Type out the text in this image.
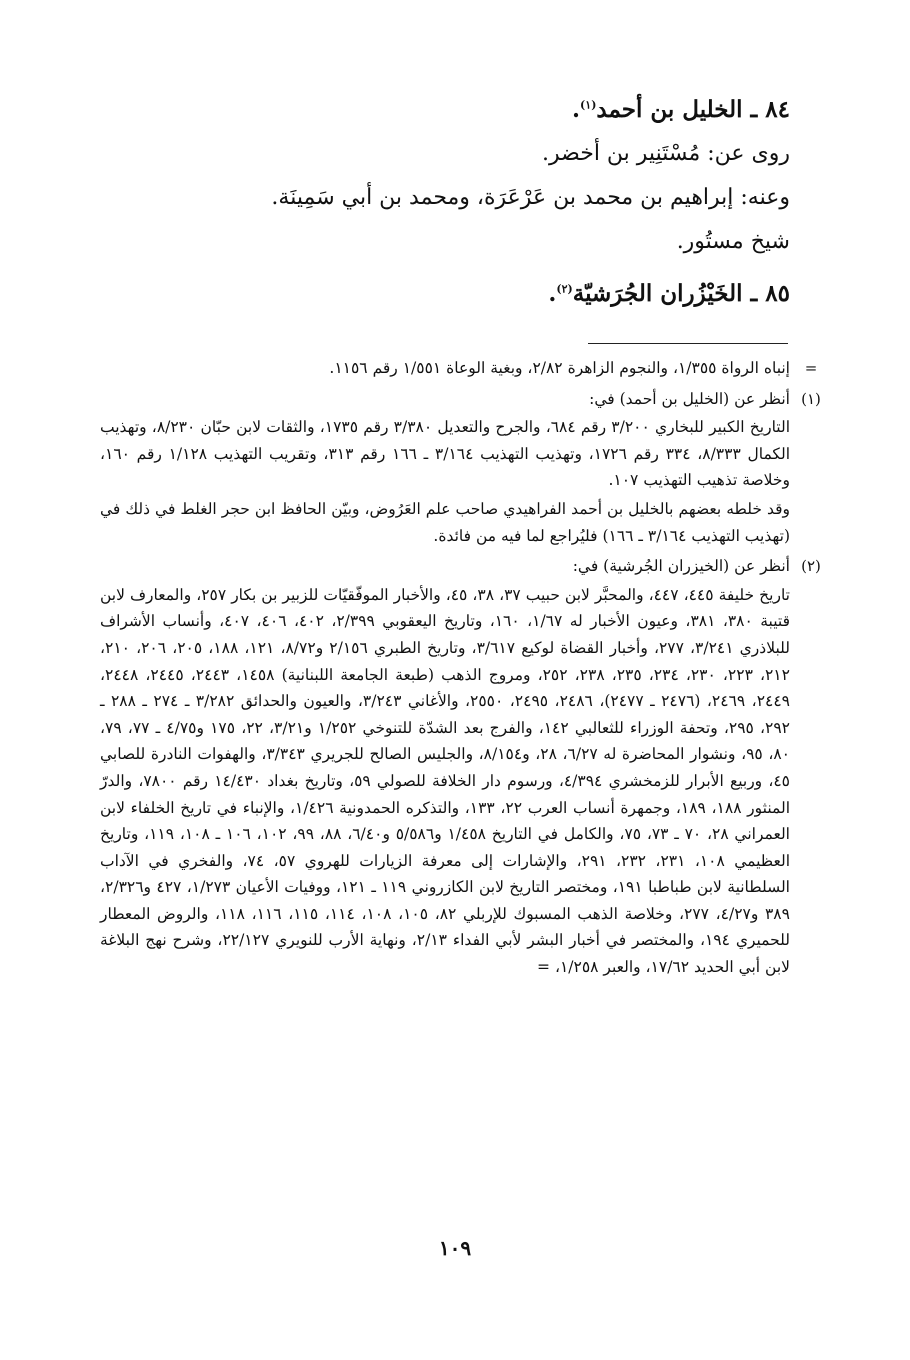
٨٤ ـ الخليل بن أحمد$^{(١)}$.
روى عن: مُسْتَنِير بن أخضر.
وعنه: إبراهيم بن محمد بن عَرْعَرَة، ومحمد بن أبي سَمِينَة.
شيخ مستُور.
٨٥ ـ الخَيْزُران الجُرَشيّة$^{(٢)}$.
=
إنباه الرواة ١/٣٥٥، والنجوم الزاهرة ٢/٨٢، وبغية الوعاة ١/٥٥١ رقم ١١٥٦.
(١)
أنظر عن (الخليل بن أحمد) في:
التاريخ الكبير للبخاري ٣/٢٠٠ رقم ٦٨٤، والجرح والتعديل ٣/٣٨٠ رقم ١٧٣٥، والثقات لابن حبّان ٨/٢٣٠، وتهذيب الكمال ٨/٣٣٣، ٣٣٤ رقم ١٧٢٦، وتهذيب التهذيب ٣/١٦٤ ـ ١٦٦ رقم ٣١٣، وتقريب التهذيب ١/١٢٨ رقم ١٦٠، وخلاصة تذهيب التهذيب ١٠٧.
وقد خلطه بعضهم بالخليل بن أحمد الفراهيدي صاحب علم العَرُوض، وبيّن الحافظ ابن حجر الغلط في ذلك في (تهذيب التهذيب ٣/١٦٤ ـ ١٦٦) فليُراجع لما فيه من فائدة.
(٢)
أنظر عن (الخيزران الجُرشية) في:
تاريخ خليفة ٤٤٥، ٤٤٧، والمحبَّر لابن حبيب ٣٧، ٣٨، ٤٥، والأخبار الموفّقيّات للزبير بن بكار ٢٥٧، والمعارف لابن قتيبة ٣٨٠، ٣٨١، وعيون الأخبار له ١/٦٧، ١٦٠، وتاريخ اليعقوبي ٢/٣٩٩، ٤٠٢، ٤٠٦، ٤٠٧، وأنساب الأشراف للبلاذري ٣/٢٤١، ٢٧٧، وأخبار القضاة لوكيع ٣/٦١٧، وتاريخ الطبري ٢/١٥٦ و٨/٧٢، ١٢١، ١٨٨، ٢٠٥، ٢٠٦، ٢١٠، ٢١٢، ٢٢٣، ٢٣٠، ٢٣٤، ٢٣٥، ٢٣٨، ٢٥٢، ومروج الذهب (طبعة الجامعة اللبنانية) ١٤٥٨، ٢٤٤٣، ٢٤٤٥، ٢٤٤٨، ٢٤٤٩، ٢٤٦٩، (٢٤٧٦ ـ ٢٤٧٧)، ٢٤٨٦، ٢٤٩٥، ٢٥٥٠، والأغاني ٣/٢٤٣، والعيون والحدائق ٣/٢٨٢ ـ ٢٧٤ ـ ٢٨٨ ـ ٢٩٢، ٢٩٥، وتحفة الوزراء للثعالبي ١٤٢، والفرج بعد الشدّة للتنوخي ١/٢٥٢ و٣/٢١، ٢٢، ١٧٥ و٤/٧٥ ـ ٧٧، ٧٩، ٨٠، ٩٥، ونشوار المحاضرة له ٦/٢٧، ٢٨، و٨/١٥٤، والجليس الصالح للجريري ٣/٣٤٣، والهفوات النادرة للصابي ٤٥، وربيع الأبرار للزمخشري ٤/٣٩٤، ورسوم دار الخلافة للصولي ٥٩، وتاريخ بغداد ١٤/٤٣٠ رقم ٧٨٠٠، والدرّ المنثور ١٨٨، ١٨٩، وجمهرة أنساب العرب ٢٢، ١٣٣، والتذكره الحمدونية ١/٤٢٦، والإنباء في تاريخ الخلفاء لابن العمراني ٢٨، ٧٠ ـ ٧٣، ٧٥، والكامل في التاريخ ١/٤٥٨ و٥/٥٨٦ و٦/٤٠، ٨٨، ٩٩، ١٠٢، ١٠٦ ـ ١٠٨، ١١٩، وتاريخ العظيمي ١٠٨، ٢٣١، ٢٣٢، ٢٩١، والإشارات إلى معرفة الزيارات للهروي ٥٧، ٧٤، والفخري في الآداب السلطانية لابن طباطبا ١٩١، ومختصر التاريخ لابن الكازروني ١١٩ ـ ١٢١، ووفيات الأعيان ١/٢٧٣، ٤٢٧ و٢/٣٢٦، ٣٨٩ و٤/٢٧، ٢٧٧، وخلاصة الذهب المسبوك للإربلي ٨٢، ١٠٥، ١٠٨، ١١٤، ١١٥، ١١٦، ١١٨، والروض المعطار للحميري ١٩٤، والمختصر في أخبار البشر لأبي الفداء ٢/١٣، ونهاية الأرب للنويري ٢٢/١٢٧، وشرح نهج البلاغة لابن أبي الحديد ١٧/٦٢، والعبر ١/٢٥٨، =
١٠٩
